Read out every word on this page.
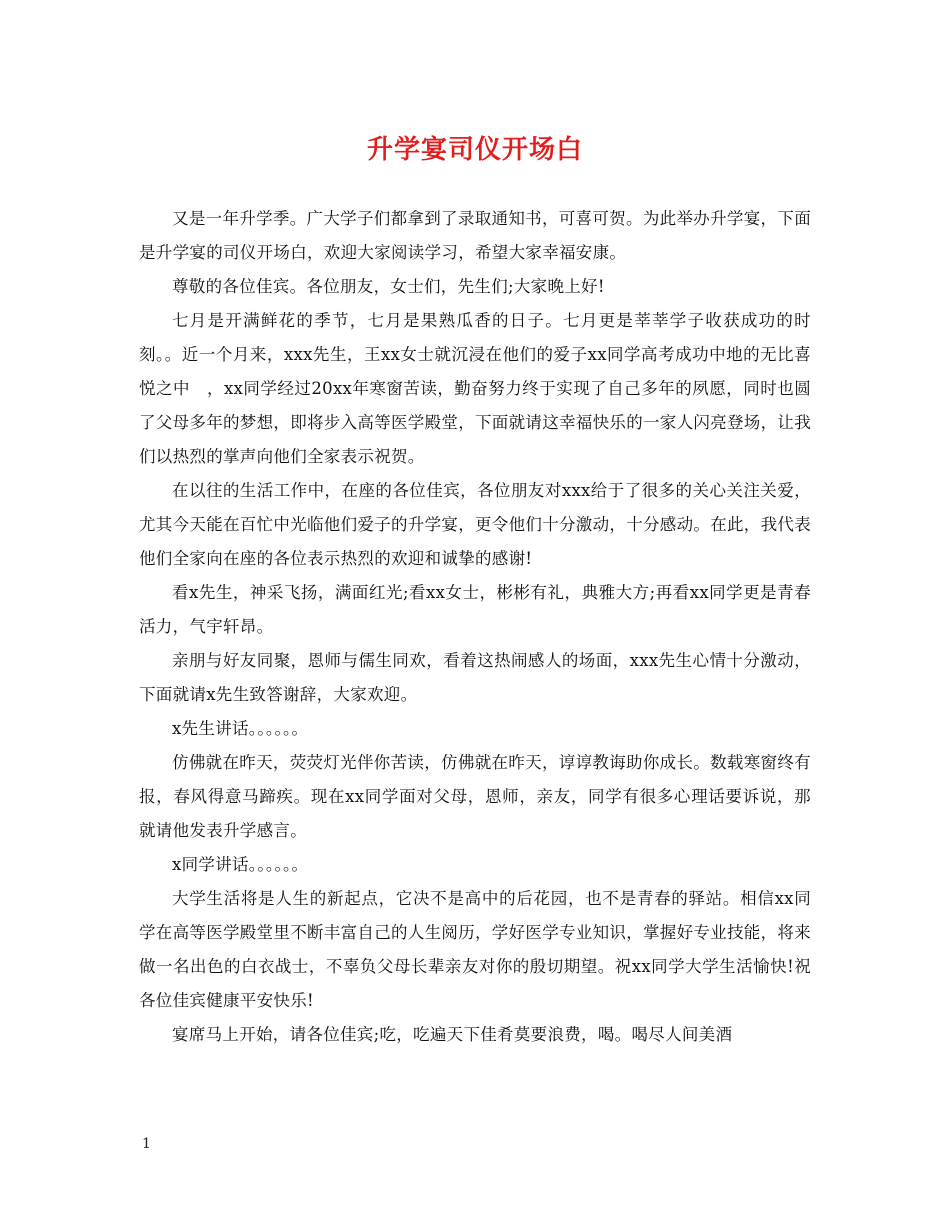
升学宴司仪开场白

又是一年升学季。广大学子们都拿到了录取通知书，可喜可贺。为此举办升学宴，下面是升学宴的司仪开场白，欢迎大家阅读学习，希望大家幸福安康。

尊敬的各位佳宾。各位朋友，女士们，先生们;大家晚上好!

七月是开满鲜花的季节，七月是果熟瓜香的日子。七月更是莘莘学子收获成功的时刻。。近一个月来，xxx先生，王xx女士就沉浸在他们的爱子xx同学高考成功中地的无比喜悦之中　，xx同学经过20xx年寒窗苦读，勤奋努力终于实现了自己多年的夙愿，同时也圆了父母多年的梦想，即将步入高等医学殿堂，下面就请这幸福快乐的一家人闪亮登场，让我们以热烈的掌声向他们全家表示祝贺。

在以往的生活工作中，在座的各位佳宾，各位朋友对xxx给于了很多的关心关注关爱，尤其今天能在百忙中光临他们爱子的升学宴，更令他们十分激动，十分感动。在此，我代表他们全家向在座的各位表示热烈的欢迎和诚挚的感谢!

看x先生，神采飞扬，满面红光;看xx女士，彬彬有礼，典雅大方;再看xx同学更是青春活力，气宇轩昂。

亲朋与好友同聚，恩师与儒生同欢，看着这热闹感人的场面，xxx先生心情十分激动，下面就请x先生致答谢辞，大家欢迎。

x先生讲话。。。。。。

仿佛就在昨天，荧荧灯光伴你苦读，仿佛就在昨天，谆谆教诲助你成长。数载寒窗终有报，春风得意马蹄疾。现在xx同学面对父母，恩师，亲友，同学有很多心理话要诉说，那就请他发表升学感言。

x同学讲话。。。。。。

大学生活将是人生的新起点，它决不是高中的后花园，也不是青春的驿站。相信xx同学在高等医学殿堂里不断丰富自己的人生阅历，学好医学专业知识，掌握好专业技能，将来做一名出色的白衣战士，不辜负父母长辈亲友对你的殷切期望。祝xx同学大学生活愉快!祝各位佳宾健康平安快乐!

宴席马上开始，请各位佳宾;吃，吃遍天下佳肴莫要浪费，喝。喝尽人间美酒

1
